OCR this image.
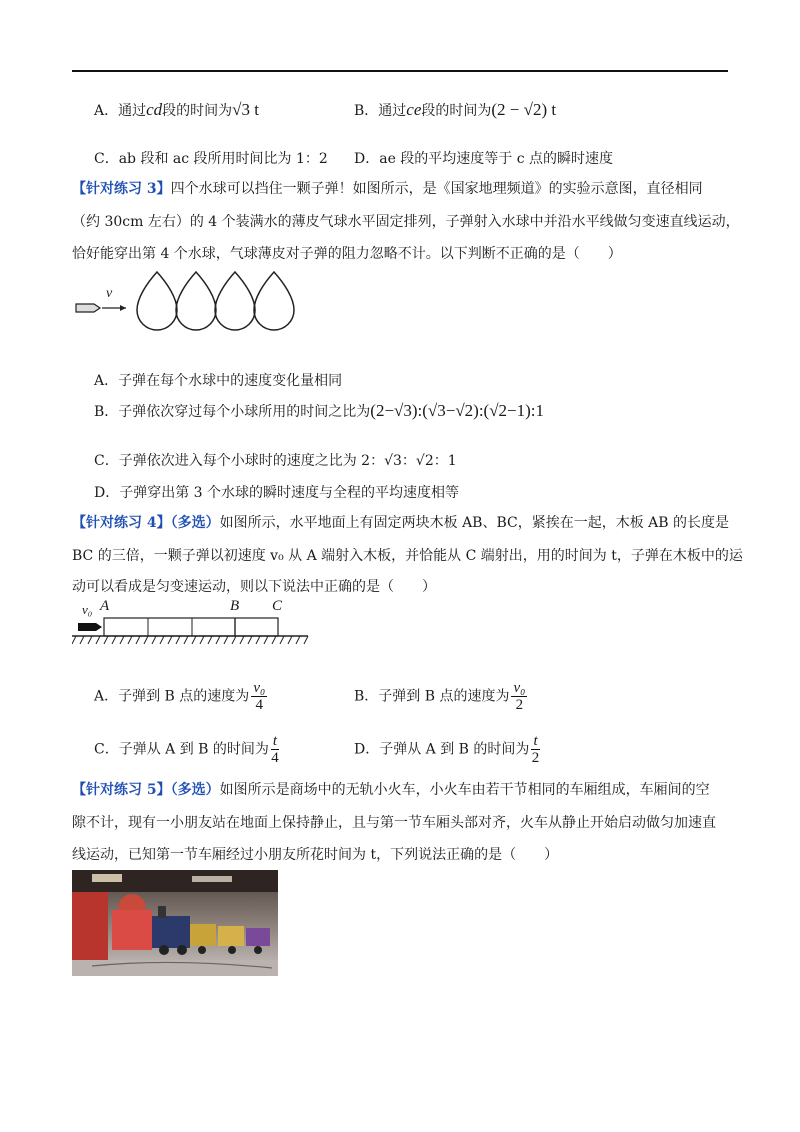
A．通过cd段的时间为√3 t	B．通过ce段的时间为(2 − √2) t
C．ab 段和 ac 段所用时间比为 1：2 D．ae 段的平均速度等于 c 点的瞬时速度
【针对练习 3】四个水球可以挡住一颗子弹！如图所示，是《国家地理频道》的实验示意图，直径相同
（约 30cm 左右）的 4 个装满水的薄皮气球水平固定排列，子弹射入水球中并沿水平线做匀变速直线运动，
恰好能穿出第 4 个水球，气球薄皮对子弹的阻力忽略不计。以下判断不正确的是（　　）
v
A．子弹在每个水球中的速度变化量相同
B．子弹依次穿过每个小球所用的时间之比为(2−√3):(√3−√2):(√2−1):1
C．子弹依次进入每个小球时的速度之比为 2：√3：√2：1
D．子弹穿出第 3 个水球的瞬时速度与全程的平均速度相等
【针对练习 4】（多选）如图所示，水平地面上有固定两块木板 AB、BC，紧挨在一起，木板 AB 的长度是
BC 的三倍，一颗子弹以初速度 v₀ 从 A 端射入木板，并恰能从 C 端射出，用的时间为 t，子弹在木板中的运
动可以看成是匀变速运动，则以下说法中正确的是（　　）
v₀ A	B C
A．子弹到 B 点的速度为 $\frac{\text{v₀}}{4}$	B．子弹到 B 点的速度为 $\frac{\text{v₀}}{2}$
C．子弹从 A 到 B 的时间为 $\frac{t}{4}$	D．子弹从 A 到 B 的时间为 $\frac{t}{2}$
【针对练习 5】（多选）如图所示是商场中的无轨小火车，小火车由若干节相同的车厢组成，车厢间的空
隙不计，现有一小朋友站在地面上保持静止，且与第一节车厢头部对齐，火车从静止开始启动做匀加速直
线运动，已知第一节车厢经过小朋友所花时间为 t，下列说法正确的是（　　）
